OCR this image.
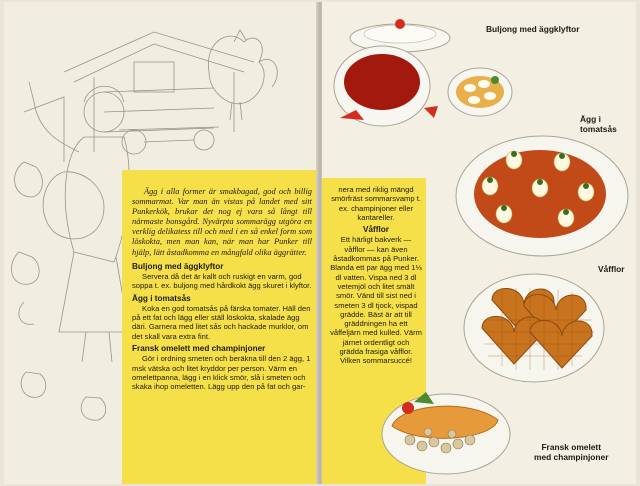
Ägg i alla former är smakbagad, god och billig sommarmat. Var man än vistas på landet med sitt Punkerkök, brukar det nog ej vara så långt till närmaste bonsgård. Nyvärpta sommarägg utgöra en verklig delikatess till och med i en så enkel form som löskokta, men man kan, när man har Punker till hjälp, lätt åstadkomma en mångfald olika äggrätter.

Buljong med äggklyftor

Servera då det är kallt och ruskigt en varm, god soppa t. ex. buljong med hårdkokt ägg skuret i klyftor.

Ägg i tomatsås

Koka en god tomatsås på färska tomater. Häll den på ett fat och lägg eller ställ löskokta, skalade ägg däri. Garnera med litet sås och hackade murklor, om det skall vara extra fint.

Fransk omelett med champinjoner

Gör i ordning smeten och beräkna till den 2 ägg, 1 msk vätska och litet kryddor per person. Värm en omelettpanna, lägg i en klick smör, slå i smeten och skaka ihop omeletten. Lägg upp den på fat och gar-

nera med riklig mängd smörfräst sommarsvamp t. ex. champinjoner eller kantareller.

Våfflor

Ett härligt bakverk — våfflor — kan även åstadkommas på Punker. Blanda ett par ägg med 1⅓ dl vatten. Vispa ned 3 dl vetemjöl och litet smält smör. Vänd till sist ned i smeten 3 dl tjock, vispad grädde. Bäst är att till gräddningen ha ett våffeljärn med kulled. Värm järnet ordentligt och grädda frasiga våfflor. Vilken sommarsuccé!

Buljong med äggklyftor
Ägg i tomatsås
Våfflor
Fransk omelett
med champinjoner
